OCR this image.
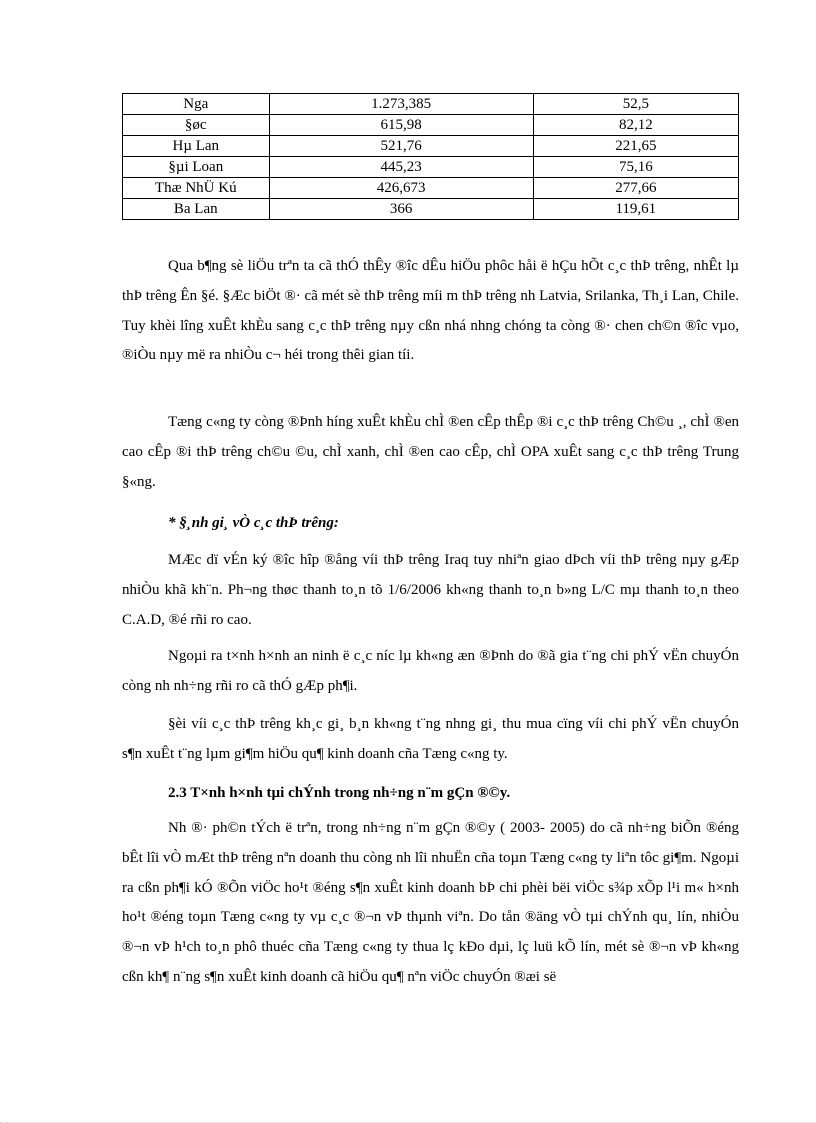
Nga	1.273,385	52,5
§øc	615,98	82,12
Hµ Lan	521,76	221,65
§µi Loan	445,23	75,16
Thæ NhÜ Kú	426,673	277,66
Ba Lan	366	119,61

Qua b¶ng sè liÖu trªn ta cã thÓ thÊy ®îc dÊu hiÖu phôc håi ë hÇu hÕt c¸c thÞ trêng, nhÊt lµ thÞ trêng Ên §é. §Æc biÖt ®· cã mét sè thÞ trêng míi m thÞ trêng nh Latvia, Srilanka, Th¸i Lan, Chile. Tuy khèi lîng xuÊt khÈu sang c¸c thÞ trêng nµy cßn nhá nhng chóng ta còng ®· chen ch©n ®îc vµo, ®iÒu nµy më ra nhiÒu c¬ héi trong thêi gian tíi.

Tæng c«ng ty còng ®Þnh híng xuÊt khÈu chÌ ®en cÊp thÊp ®i c¸c thÞ trêng Ch©u ¸, chÌ ®en cao cÊp ®i thÞ trêng ch©u ©u, chÌ xanh, chÌ ®en cao cÊp, chÌ OPA xuÊt sang c¸c thÞ trêng Trung §«ng.

* §¸nh gi¸ vÒ c¸c thÞ trêng:

MÆc dï vÉn ký ®îc hîp ®ång víi thÞ trêng Iraq tuy nhiªn giao dÞch víi thÞ trêng nµy gÆp nhiÒu khã kh¨n. Ph¬ng thøc thanh to¸n tõ 1/6/2006 kh«ng thanh to¸n b»ng L/C mµ thanh to¸n theo C.A.D, ®é rñi ro cao.

Ngoµi ra t×nh h×nh an ninh ë c¸c níc lµ kh«ng æn ®Þnh do ®ã gia t¨ng chi phÝ vËn chuyÓn còng nh nh÷ng rñi ro cã thÓ gÆp ph¶i.

§èi víi c¸c thÞ trêng kh¸c gi¸ b¸n kh«ng t¨ng nhng gi¸ thu mua cïng víi chi phÝ vËn chuyÓn s¶n xuÊt t¨ng lµm gi¶m hiÖu qu¶ kinh doanh cña Tæng c«ng ty.

2.3 T×nh h×nh tµi chÝnh trong nh÷ng n¨m gÇn ®©y.

Nh ®· ph©n tÝch ë trªn, trong nh÷ng n¨m gÇn ®©y ( 2003- 2005) do cã nh÷ng biÕn ®éng bÊt lîi vÒ mÆt thÞ trêng nªn doanh thu còng nh lîi nhuËn cña toµn Tæng c«ng ty liªn tôc gi¶m. Ngoµi ra cßn ph¶i kÓ ®Õn viÖc ho¹t ®éng s¶n xuÊt kinh doanh bÞ chi phèi bëi viÖc s¾p xÕp l¹i m« h×nh ho¹t ®éng toµn Tæng c«ng ty vµ c¸c ®¬n vÞ thµnh viªn. Do tån ®äng vÒ tµi chÝnh qu¸ lín, nhiÒu ®¬n vÞ h¹ch to¸n phô thuéc cña Tæng c«ng ty thua lç kÐo dµi, lç luü kÕ lín, mét sè ®¬n vÞ kh«ng cßn kh¶ n¨ng s¶n xuÊt kinh doanh cã hiÖu qu¶ nªn viÖc chuyÓn ®æi së
